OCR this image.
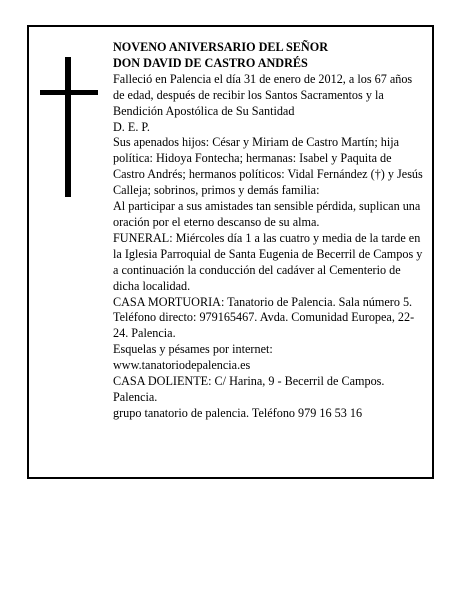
NOVENO ANIVERSARIO DEL SEÑOR

DON DAVID DE CASTRO ANDRÉS

Falleció en Palencia el día 31 de enero de 2012, a los 67 años de edad, después de recibir los Santos Sacramentos y la Bendición Apostólica de Su Santidad

D. E. P.

Sus apenados hijos: César y Miriam de Castro Martín; hija política: Hidoya Fontecha; hermanas: Isabel y Paquita de Castro Andrés; hermanos políticos: Vidal Fernández (†) y Jesús Calleja; sobrinos, primos y demás familia:

Al participar a sus amistades tan sensible pérdida, suplican una oración por el eterno descanso de su alma.

FUNERAL: Miércoles día 1 a las cuatro y media de la tarde en la Iglesia Parroquial de Santa Eugenia de Becerril de Campos y a continuación la conducción del cadáver al Cementerio de dicha localidad.

CASA MORTUORIA: Tanatorio de Palencia. Sala número 5. Teléfono directo: 979165467. Avda. Comunidad Europea, 22-24. Palencia.

Esquelas y pésames por internet:

www.tanatoriodepalencia.es

CASA DOLIENTE: C/ Harina, 9 - Becerril de Campos. Palencia.

grupo tanatorio de palencia. Teléfono 979 16 53 16
